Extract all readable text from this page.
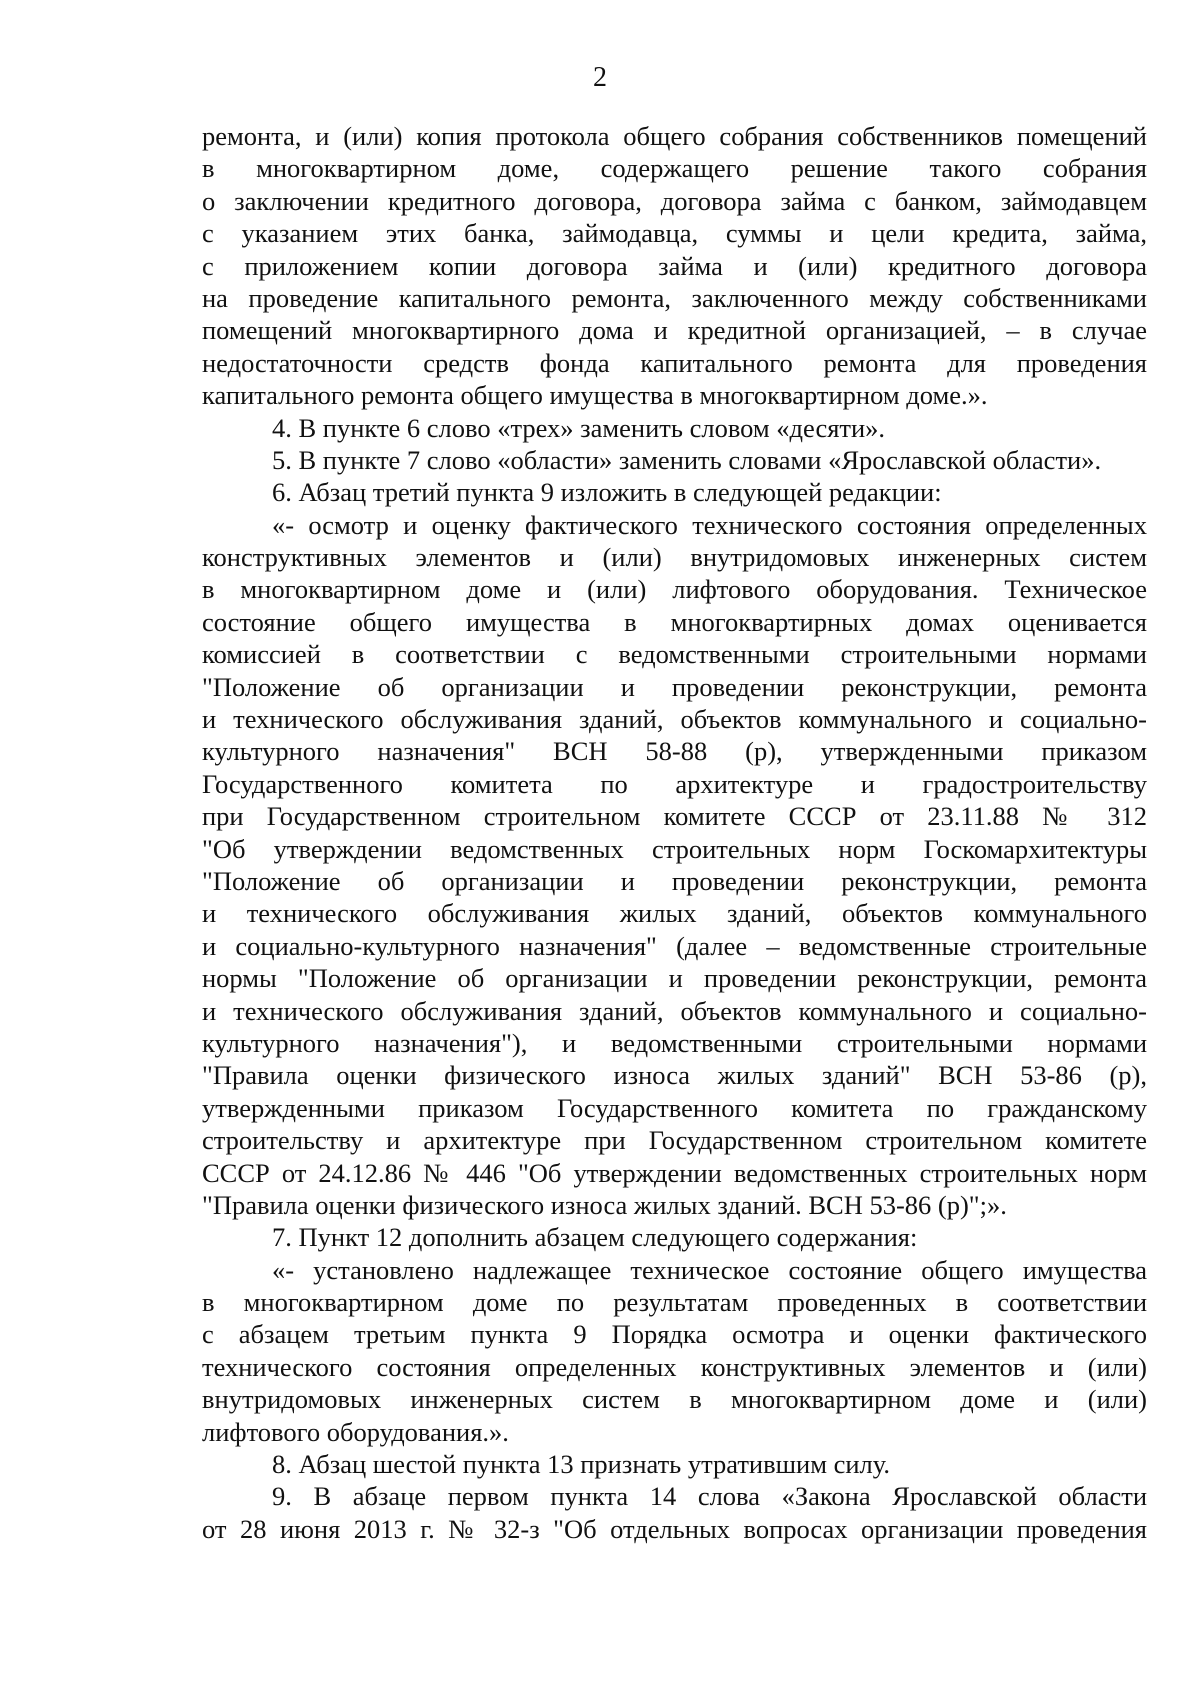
2
ремонта, и (или) копия протокола общего собрания собственников помещений
в многоквартирном доме, содержащего решение такого собрания
о заключении кредитного договора, договора займа с банком, займодавцем
с указанием этих банка, займодавца, суммы и цели кредита, займа,
с приложением копии договора займа и (или) кредитного договора
на проведение капитального ремонта, заключенного между собственниками
помещений многоквартирного дома и кредитной организацией, – в случае
недостаточности средств фонда капитального ремонта для проведения
капитального ремонта общего имущества в многоквартирном доме.».
4. В пункте 6 слово «трех» заменить словом «десяти».
5. В пункте 7 слово «области» заменить словами «Ярославской области».
6. Абзац третий пункта 9 изложить в следующей редакции:
«- осмотр и оценку фактического технического состояния определенных
конструктивных элементов и (или) внутридомовых инженерных систем
в многоквартирном доме и (или) лифтового оборудования. Техническое
состояние общего имущества в многоквартирных домах оценивается
комиссией в соответствии с ведомственными строительными нормами
"Положение об организации и проведении реконструкции, ремонта
и технического обслуживания зданий, объектов коммунального и социально-
культурного назначения" ВСН 58-88 (р), утвержденными приказом
Государственного комитета по архитектуре и градостроительству
при Государственном строительном комитете СССР от 23.11.88 № 312
"Об утверждении ведомственных строительных норм Госкомархитектуры
"Положение об организации и проведении реконструкции, ремонта
и технического обслуживания жилых зданий, объектов коммунального
и социально-культурного назначения" (далее – ведомственные строительные
нормы "Положение об организации и проведении реконструкции, ремонта
и технического обслуживания зданий, объектов коммунального и социально-
культурного назначения"), и ведомственными строительными нормами
"Правила оценки физического износа жилых зданий" ВСН 53-86 (р),
утвержденными приказом Государственного комитета по гражданскому
строительству и архитектуре при Государственном строительном комитете
СССР от 24.12.86 № 446 "Об утверждении ведомственных строительных норм
"Правила оценки физического износа жилых зданий. ВСН 53-86 (р)";».
7. Пункт 12 дополнить абзацем следующего содержания:
«- установлено надлежащее техническое состояние общего имущества
в многоквартирном доме по результатам проведенных в соответствии
с абзацем третьим пункта 9 Порядка осмотра и оценки фактического
технического состояния определенных конструктивных элементов и (или)
внутридомовых инженерных систем в многоквартирном доме и (или)
лифтового оборудования.».
8. Абзац шестой пункта 13 признать утратившим силу.
9. В абзаце первом пункта 14 слова «Закона Ярославской области
от 28 июня 2013 г. № 32-з "Об отдельных вопросах организации проведения
